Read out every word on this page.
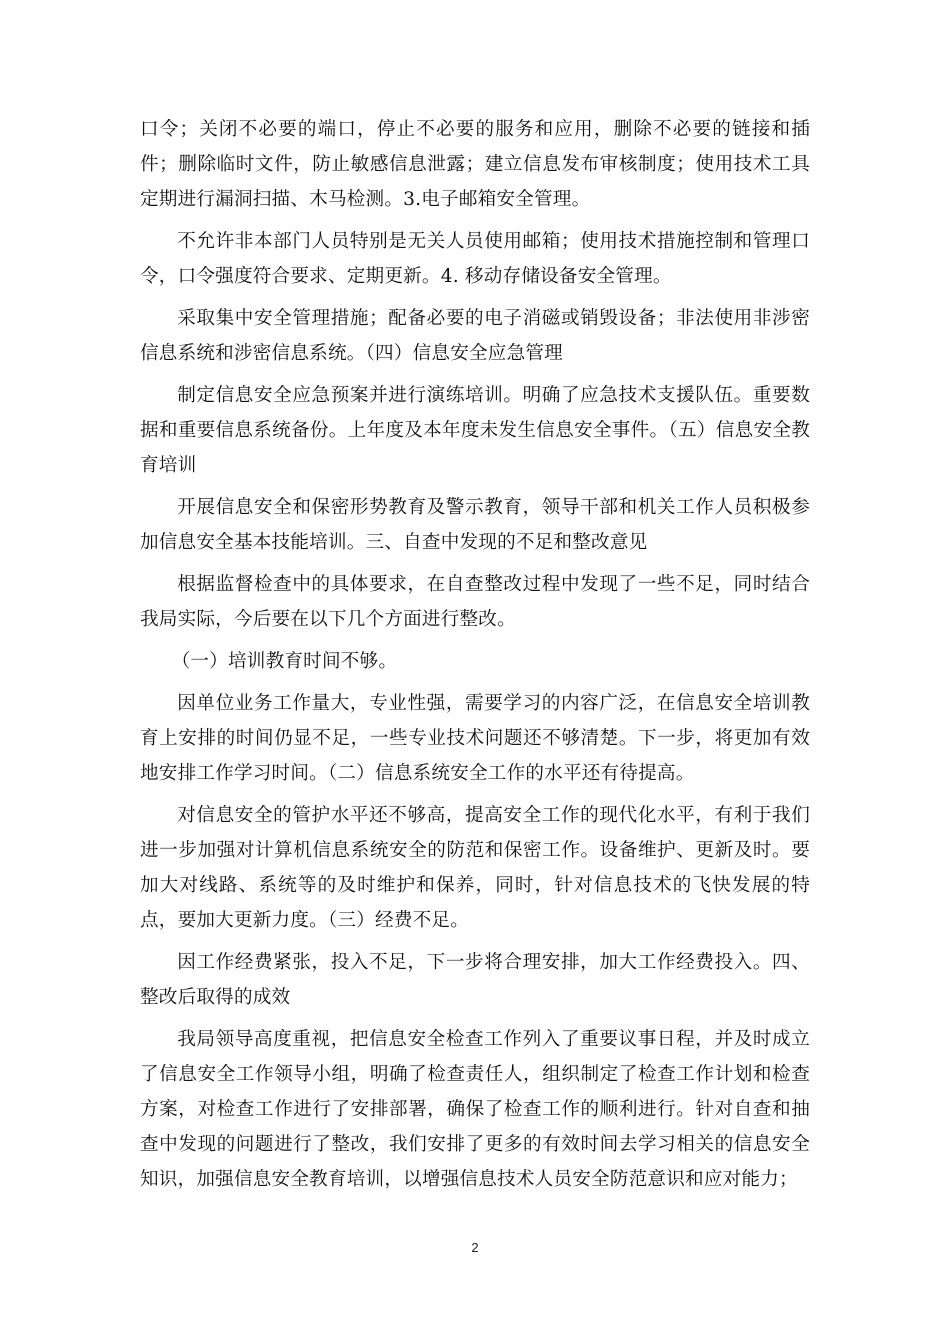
口令；关闭不必要的端口，停止不必要的服务和应用，删除不必要的链接和插件；删除临时文件，防止敏感信息泄露；建立信息发布审核制度；使用技术工具定期进行漏洞扫描、木马检测。3.电子邮箱安全管理。

不允许非本部门人员特别是无关人员使用邮箱；使用技术措施控制和管理口令，口令强度符合要求、定期更新。4. 移动存储设备安全管理。

采取集中安全管理措施；配备必要的电子消磁或销毁设备；非法使用非涉密信息系统和涉密信息系统。（四）信息安全应急管理

制定信息安全应急预案并进行演练培训。明确了应急技术支援队伍。重要数据和重要信息系统备份。上年度及本年度未发生信息安全事件。（五）信息安全教育培训

开展信息安全和保密形势教育及警示教育，领导干部和机关工作人员积极参加信息安全基本技能培训。三、自查中发现的不足和整改意见

根据监督检查中的具体要求，在自查整改过程中发现了一些不足，同时结合我局实际，今后要在以下几个方面进行整改。

（一）培训教育时间不够。

因单位业务工作量大，专业性强，需要学习的内容广泛，在信息安全培训教育上安排的时间仍显不足，一些专业技术问题还不够清楚。下一步，将更加有效地安排工作学习时间。（二）信息系统安全工作的水平还有待提高。

对信息安全的管护水平还不够高，提高安全工作的现代化水平，有利于我们进一步加强对计算机信息系统安全的防范和保密工作。设备维护、更新及时。要加大对线路、系统等的及时维护和保养，同时，针对信息技术的飞快发展的特点，要加大更新力度。（三）经费不足。

因工作经费紧张，投入不足，下一步将合理安排，加大工作经费投入。四、整改后取得的成效

我局领导高度重视，把信息安全检查工作列入了重要议事日程，并及时成立了信息安全工作领导小组，明确了检查责任人，组织制定了检查工作计划和检查方案，对检查工作进行了安排部署，确保了检查工作的顺利进行。针对自查和抽查中发现的问题进行了整改，我们安排了更多的有效时间去学习相关的信息安全知识，加强信息安全教育培训，以增强信息技术人员安全防范意识和应对能力；

2
